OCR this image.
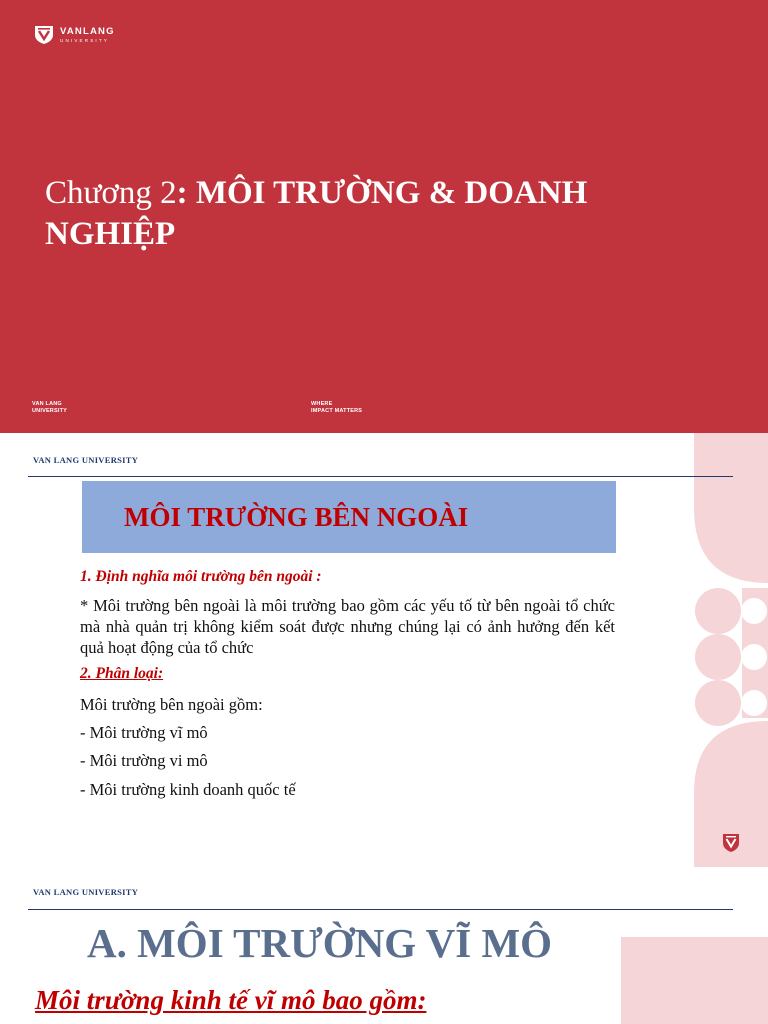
VANLANG
UNIVERSITY
Chương 2: MÔI TRƯỜNG & DOANH NGHIỆP
VAN LANG
UNIVERSITY
WHERE
IMPACT MATTERS
VAN LANG UNIVERSITY
MÔI TRƯỜNG BÊN NGOÀI
1. Định nghĩa môi trường bên ngoài :
* Môi trường bên ngoài là môi trường bao gồm các yếu tố từ bên ngoài tổ chức mà nhà quản trị không kiểm soát được nhưng chúng lại có ảnh hưởng đến kết quả hoạt động của tổ chức
2. Phân loại:
Môi trường bên ngoài gồm:
- Môi trường vĩ mô
- Môi trường vi mô
- Môi trường kinh doanh quốc tế
VAN LANG UNIVERSITY
A. MÔI TRƯỜNG VĨ MÔ
Môi trường kinh tế vĩ mô bao gồm:
